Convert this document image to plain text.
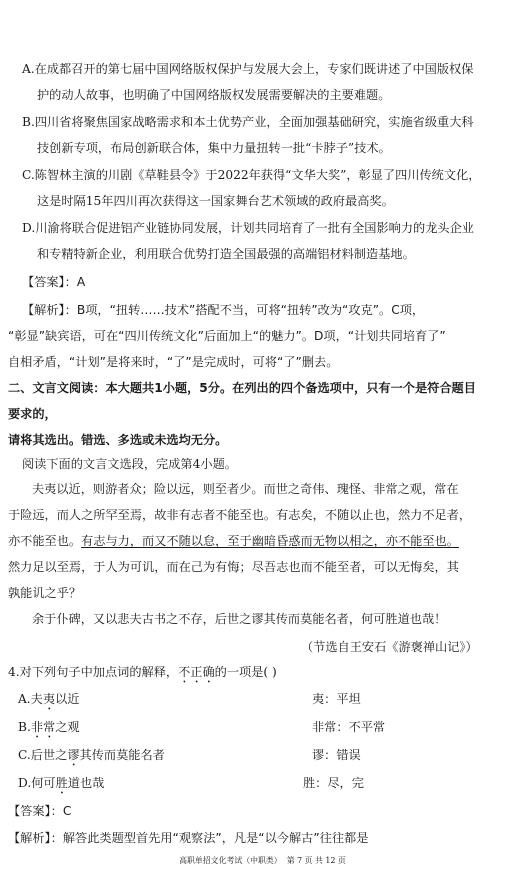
A.在成都召开的第七届中国网络版权保护与发展大会上，专家们既讲述了中国版权保
护的动人故事，也明确了中国网络版权发展需要解决的主要难题。
B.四川省将聚焦国家战略需求和本土优势产业，全面加强基础研究，实施省级重大科
技创新专项，布局创新联合体，集中力量扭转一批“卡脖子”技术。
C.陈智林主演的川剧《草鞋县令》于2022年获得“文华大奖”，彰显了四川传统文化，
这是时隔15年四川再次获得这一国家舞台艺术领域的政府最高奖。
D.川渝将联合促进铝产业链协同发展，计划共同培育了一批有全国影响力的龙头企业
和专精特新企业，利用联合优势打造全国最强的高端铝材料制造基地。
【答案】：A
【解析】：B项，“扭转……技术”搭配不当，可将“扭转”改为“攻克”。C项，
“彰显”缺宾语，可在“四川传统文化”后面加上“的魅力”。D项，“计划共同培育了”
自相矛盾，“计划”是将来时，“了”是完成时，可将“了”删去。
二、文言文阅读：本大题共1小题，5分。在列出的四个备选项中，只有一个是符合题目
要求的，
请将其选出。错选、多选或未选均无分。
阅读下面的文言文选段，完成第4小题。
夫夷以近，则游者众；险以远，则至者少。而世之奇伟、瑰怪、非常之观，常在
于险远，而人之所罕至焉，故非有志者不能至也。有志矣，不随以止也，然力不足者，
亦不能至也。有志与力，而又不随以怠，至于幽暗昏惑而无物以相之，亦不能至也。
然力足以至焉，于人为可讥，而在己为有悔；尽吾志也而不能至者，可以无悔矣，其
孰能讥之乎？
余于仆碑，又以悲夫古书之不存，后世之谬其传而莫能名者，何可胜道也哉！
（节选自王安石《游褒禅山记》）
4.对下列句子中加点词的解释，不正确的一项是( )
A.夫夷以近	夷：平坦
B.非常之观	非常：不平常
C.后世之谬其传而莫能名者	谬：错误
D.何可胜道也哉	胜：尽，完
【答案】：C
【解析】：解答此类题型首先用“观察法”，凡是“以今解古”往往都是
高职单招文化考试（中职类）  第 7 页 共 12 页
